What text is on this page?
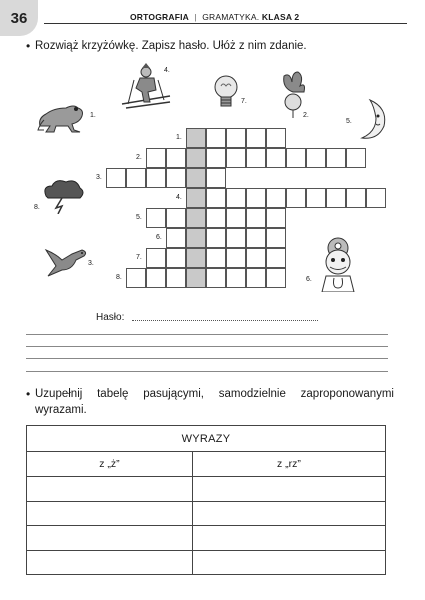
36	ORTOGRAFIA | GRAMATYKA. KLASA 2
• Rozwiąż krzyżówkę. Zapisz hasło. Ułóż z nim zdanie.
1.
4.
7.
2.
5.
8.
3.
6.
1.
2.
3.
4.
5.
6.
7.
8.
Hasło:
• Uzupełnij tabelę pasującymi, samodzielnie zaproponowanymi wyrazami.
WYRAZY	
z „ż”	z „rz”
